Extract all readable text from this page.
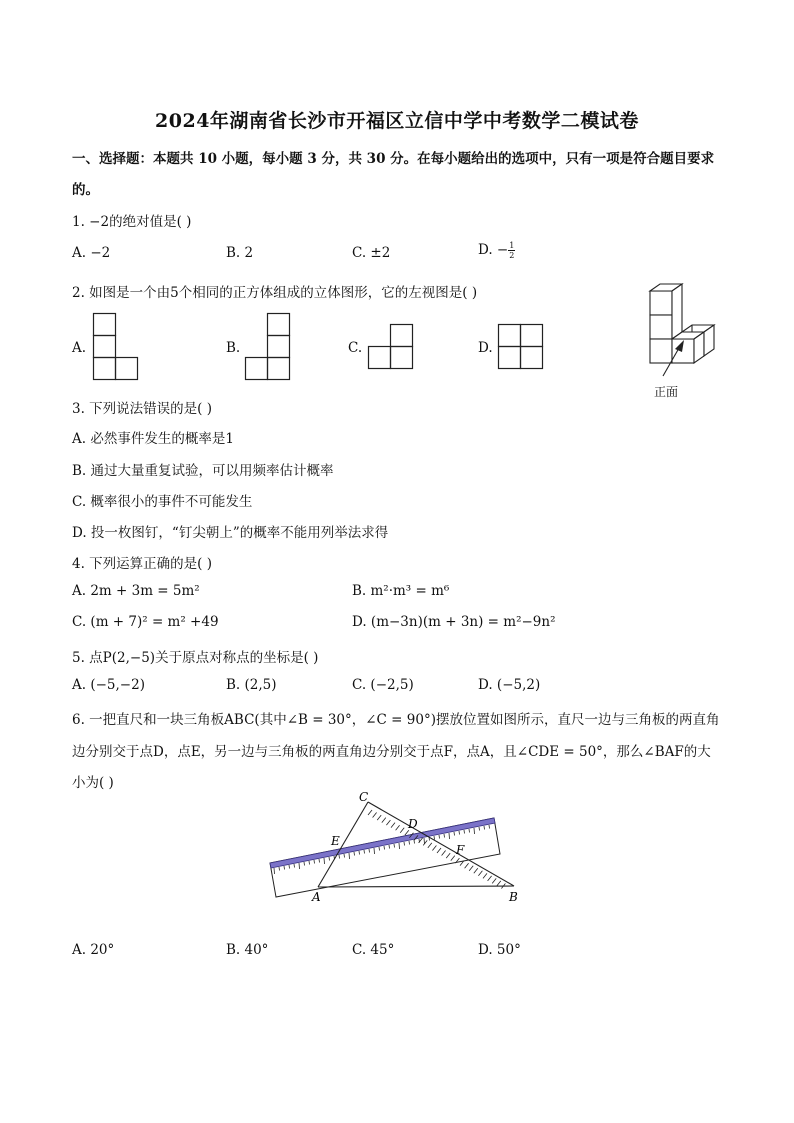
2024年湖南省长沙市开福区立信中学中考数学二模试卷
一、选择题：本题共 10 小题，每小题 3 分，共 30 分。在每小题给出的选项中，只有一项是符合题目要求
的。
1. −2的绝对值是( )
A. −2	B. 2	C. ±2	D. − $\frac{1}{2}$
2. 如图是一个由5个相同的正方体组成的立体图形，它的左视图是( )
A.	B.	C.	D.
正面
3. 下列说法错误的是( )
A. 必然事件发生的概率是1
B. 通过大量重复试验，可以用频率估计概率
C. 概率很小的事件不可能发生
D. 投一枚图钉，“钉尖朝上”的概率不能用列举法求得
4. 下列运算正确的是( )
A. 2m + 3m = 5m²	B. m²·m³ = m⁶
C. (m + 7)² = m² +49	D. (m−3n)(m + 3n) = m²−9n²
5. 点P(2,−5)关于原点对称点的坐标是( )
A. (−5,−2)	B. (2,5)	C. (−2,5)	D. (−5,2)
6. 一把直尺和一块三角板ABC(其中∠B = 30°，∠C = 90°)摆放位置如图所示，直尺一边与三角板的两直角
边分别交于点D，点E，另一边与三角板的两直角边分别交于点F，点A，且∠CDE = 50°，那么∠BAF的大
小为( )
C
D
E
F
A	B
A. 20°	B. 40°	C. 45°	D. 50°
